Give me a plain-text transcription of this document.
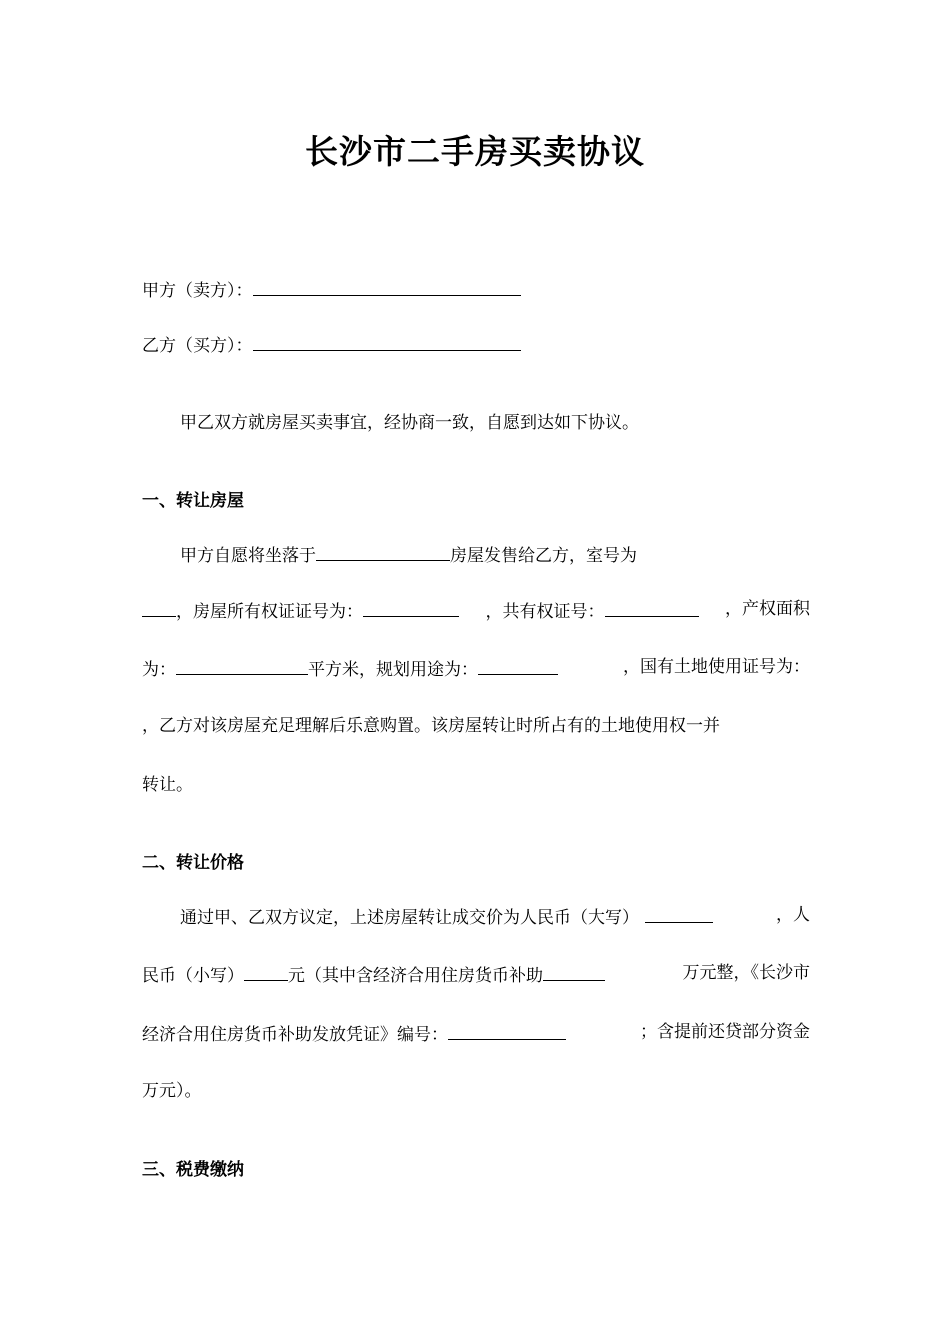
长沙市二手房买卖协议
甲方（卖方）：
乙方（买方）：
甲乙双方就房屋买卖事宜，经协商一致，自愿到达如下协议。
一、转让房屋
甲方自愿将坐落于	房屋发售给乙方，室号为
，房屋所有权证证号为：	，共有权证号：	，产权面积
为：	平方米，规划用途为：	，国有土地使用证号为：
，乙方对该房屋充足理解后乐意购置。该房屋转让时所占有的土地使用权一并
转让。
二、转让价格
通过甲、乙双方议定，上述房屋转让成交价为人民币（大写）	，人
民币（小写）	元（其中含经济合用住房货币补助	万元整，《长沙市
经济合用住房货币补助发放凭证》编号：	；含提前还贷部分资金
万元）。
三、税费缴纳
